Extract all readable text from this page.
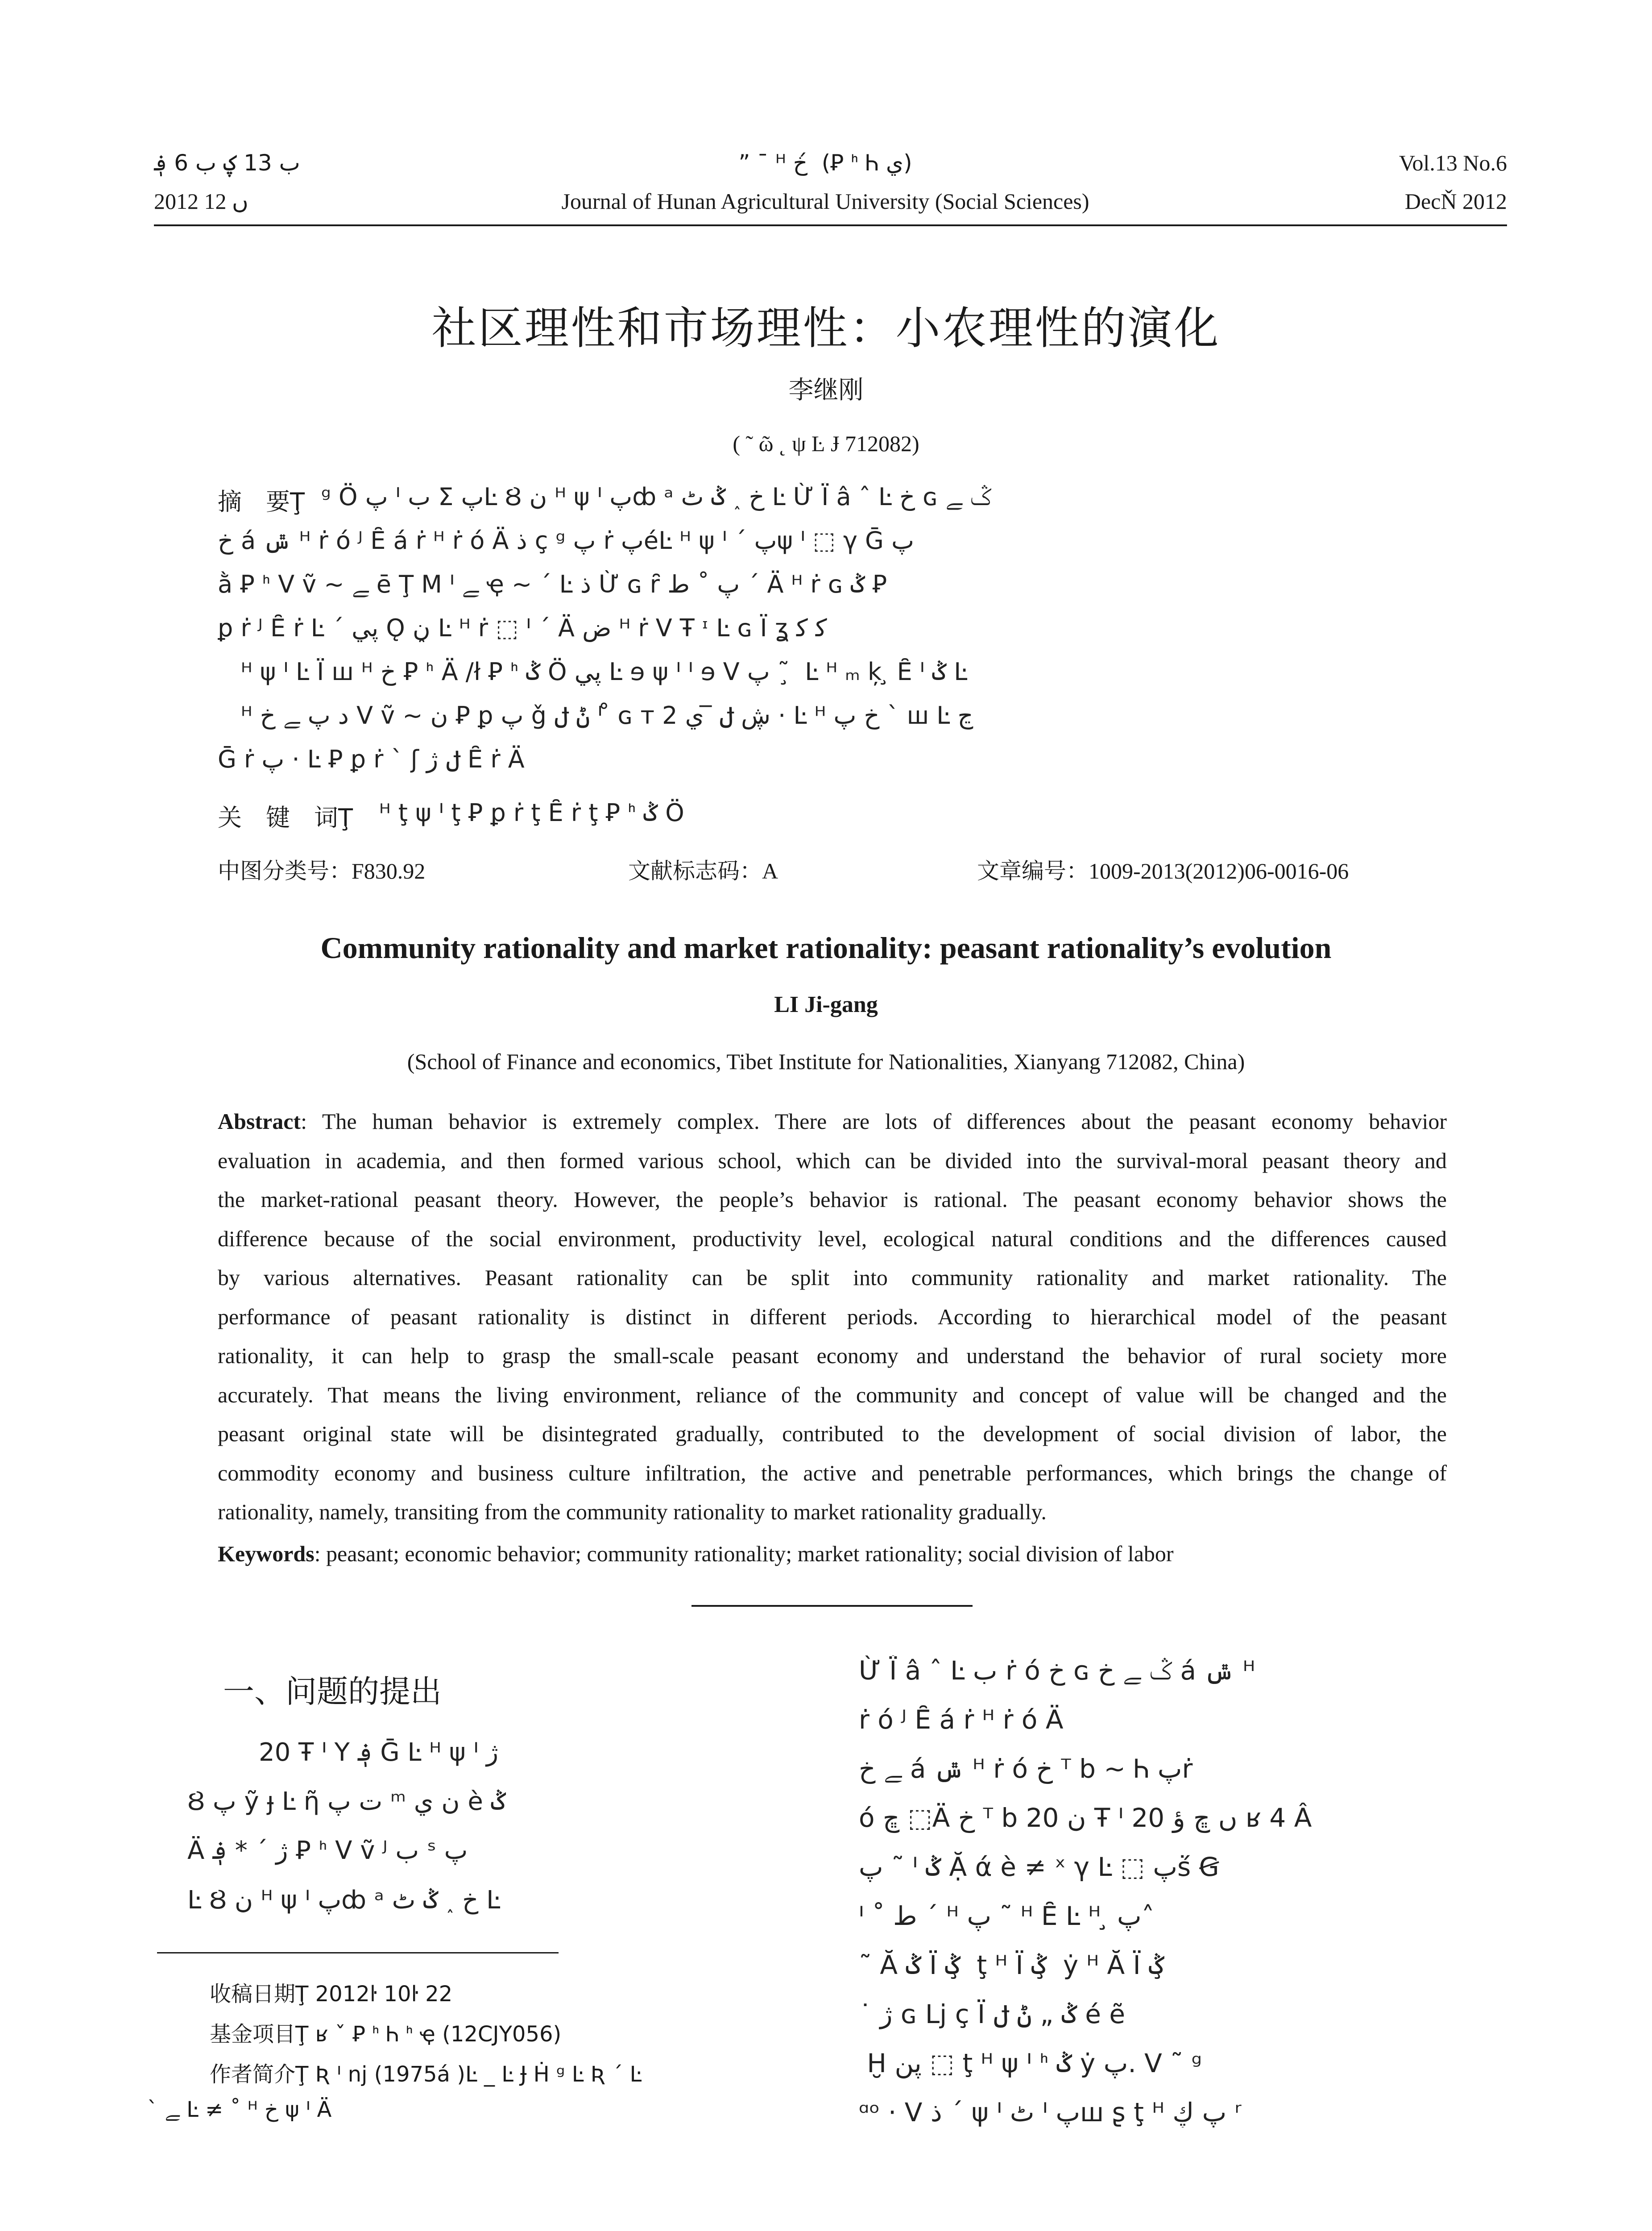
ب 13 ؼ ب 6 ؋
2012 ں 12
” ¯ ᴴ خ ́ (Ꝑ ᑋ Ꮒ ي)
Journal of Hunan Agricultural University (Social Sciences)
Vol.13 No.6
DecŇ 2012
社区理性和市场理性：小农理性的演化
李继刚
( ˜ ῶ ˛ ψ Ŀ Ɉ 712082)
摘　要Ţ ᵍ Ӧ پ ᑊ ب Σ پĿ Ȣ ن ᴴ ψ ᑊ پȸ ᵃ خ ˰ ݣ ٹ Ŀ Ừ Ḯ â ˆ Ŀ خ ɢ ݣ ﮯ
خ á ݜ ᴴ ṙ ó ᴶ Ȇ á ṙ ᴴ ṙ ó Ä ذ ç ᵍ پ ṙ پéĿ ᴴ ψ ᑊ ΄ پψ ᑊ ⬚ γ Ḡ پ
ằ Ꝑ ᑋ ᐯ ṽ ~ ﮯ ē Ţ M ᑊ ﮯ ҿ ~ ΄ Ŀ ذ Ừ ɢ ȓ پ ˚ ط ΄ Ä ᴴ ṙ ɢ ݣ Ꝑ
ꝑ ṙ ᴶ Ȇ ṙ Ŀ ΄ پي Ǫ ڼ Ŀ ᴴ ṙ ⬚ ᑊ ΄ Ä ض ᴴ ṙ ᐯ Ŧ ᶦ Ŀ ɢ Ї ʓ ﻛ ﮐ
ᴴ ψ ᑊ Ŀ Ḯ ꟺ ᴴ خ Ꝑ ᑋ Ä /ł Ꝑ ᑋ ݣ Ӧ پي Ŀ ɘ ψ ᑊ ᑊ ɘ ᐯ پ ˜ ̧ Ŀ ᴴ ₘ ķ ̧ Ȇ ᑊ ݣ Ŀ
ᴴ د پ ﮯ خ ᐯ ṽ ~ ن Ꝑ ꝑ پ ǧ ݨ ݪ ᑊ ̊ ɢ т ڜ ݪ ̅ ي 2 · Ŀ ᴴ خ پ ` ꟺ Ŀ ڃ
Ḡ ṙ پ · Ŀ Ꝑ ꝑ ṙ ` ʃ ݪ ژ Ȇ ṙ Ä
关　键　词Ţ ᴴ ţ ψ ᑊ ţ Ꝑ ꝑ ṙ ţ Ȇ ṙ ţ Ꝑ ᑋ ݣ Ӧ
中图分类号：F830.92	文献标志码：A	文章编号：1009-2013(2012)06-0016-06
Community rationality and market rationality: peasant rationality’s evolution
LI Ji-gang
(School of Finance and economics, Tibet Institute for Nationalities, Xianyang 712082, China)
Abstract: The human behavior is extremely complex. There are lots of differences about the peasant economy behavior
evaluation in academia, and then formed various school, which can be divided into the survival-moral peasant theory and
the market-rational peasant theory. However, the people’s behavior is rational. The peasant economy behavior shows the
difference because of the social environment, productivity level, ecological natural conditions and the differences caused
by various alternatives. Peasant rationality can be split into community rationality and market rationality. The
performance of peasant rationality is distinct in different periods. According to hierarchical model of the peasant
rationality, it can help to grasp the small-scale peasant economy and understand the behavior of rural society more
accurately. That means the living environment, reliance of the community and concept of value will be changed and the
peasant original state will be disintegrated gradually, contributed to the development of social division of labor, the
commodity economy and business culture infiltration, the active and penetrable performances, which brings the change of
rationality, namely, transiting from the community rationality to market rationality gradually.
Keywords: peasant; economic behavior; community rationality; market rationality; social division of labor
一、问题的提出
20 Ŧ ᑊ Y ؋ Ḡ Ŀ ᴴ ψ ᑊ ژ
Ȣ پ ỹ ɟ Ŀ ῆ ت پ ᵐ ن ي è ݣ
Ä ژ ΄ * ؋ Ꝑ ᑋ ᐯ ṽ ᴶ ب ˢ پ
Ŀ Ȣ ن ᴴ ψ ᑊ پȸ ᵃ خ ˰ ݣ ٹ Ŀ
收稿日期Ţ 2012ŀ 10ŀ 22
基金项目Ţ ʁ ˇ Ꝑ ᑋ Ꮒ ᑋ ҿ (12CJY056)
作者简介Ţ Ʀ ᑊ nj (1975á )Ŀ _ Ŀ Ɉ Ḣ ᵍ Ŀ Ʀ ΄ Ŀ
` ﮯ Ŀ ≠ ˚ ᴴ خ ψ ᑊ Ä
Ừ Ḯ â ˆ Ŀ ب ṙ ó خ ɢ ݣ ﮯ خ á ݜ ᴴ
ṙ ó ᴶ Ȇ á ṙ ᴴ ṙ ó Ä
ﮯ خ á ݜ ᴴ ṙ ó خ ᵀ b ~ Ꮒ پṙ
ó ڇ ⬚Ä خ ᵀ b ن 20 Ŧ ᑊ 20 ں ڇ ؤ ʁ 4 Â
پ ˜ ᑊ ݣ Ặ ά è ≠ ˣ γ Ŀ ⬚ پṥ Ꞡ
ᑊ ˚ ط ΄ ᴴ پ ˜ ᴴ Ȇ Ŀ ᴴ ̧ پ˄
˜ Ă ݣ Ї ݣ ̧ ţ ᴴ Ї ݣ ̧ ẏ ᴴ Ă Ї ݣ ̧
˙ ژ ɢ Lj ç Ї ݣ „ ݨ ݪ é ẽ
̧ Ḫ پن ⬚ ţ ᴴ ψ ᑊ ᑋ ݣ ẏ پ. ᐯ ˜ ᵍ
ᵅᵒ · ᐯ ذ ΄ ψ ᑊ ٹ ᑊ پꟺ ʂ ţ ᴴ پ ڮ ʳ
